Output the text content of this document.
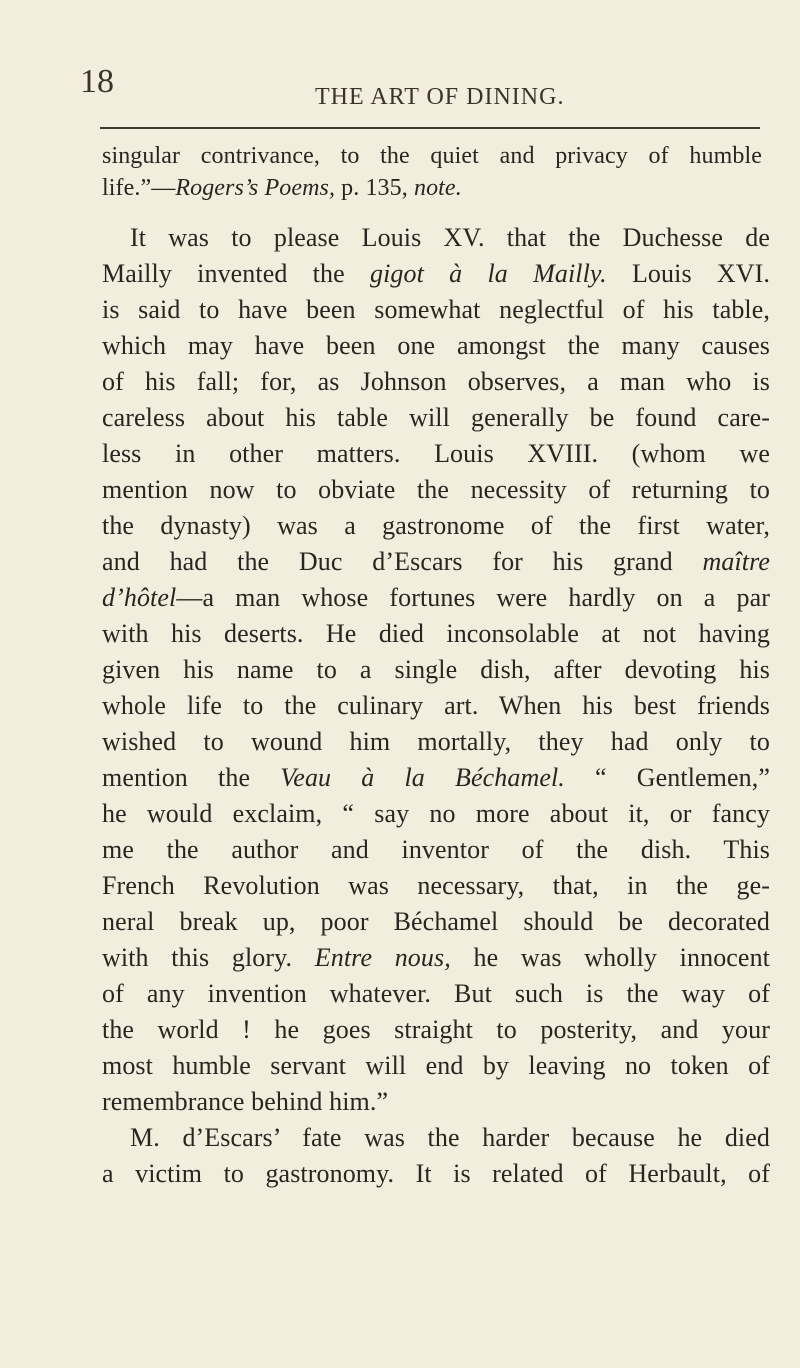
18	THE ART OF DINING.
singular contrivance, to the quiet and privacy of humble
life.”—Rogers’s Poems, p. 135, note.
It was to please Louis XV. that the Duchesse de
Mailly invented the gigot à la Mailly. Louis XVI.
is said to have been somewhat neglectful of his table,
which may have been one amongst the many causes
of his fall; for, as Johnson observes, a man who is
careless about his table will generally be found care-
less in other matters. Louis XVIII. (whom we
mention now to obviate the necessity of returning to
the dynasty) was a gastronome of the first water,
and had the Duc d’Escars for his grand maître
d’hôtel—a man whose fortunes were hardly on a par
with his deserts. He died inconsolable at not having
given his name to a single dish, after devoting his
whole life to the culinary art. When his best friends
wished to wound him mortally, they had only to
mention the Veau à la Béchamel. “ Gentlemen,”
he would exclaim, “ say no more about it, or fancy
me the author and inventor of the dish. This
French Revolution was necessary, that, in the ge-
neral break up, poor Béchamel should be decorated
with this glory. Entre nous, he was wholly innocent
of any invention whatever. But such is the way of
the world ! he goes straight to posterity, and your
most humble servant will end by leaving no token of
remembrance behind him.”
M. d’Escars’ fate was the harder because he died
a victim to gastronomy. It is related of Herbault, of
